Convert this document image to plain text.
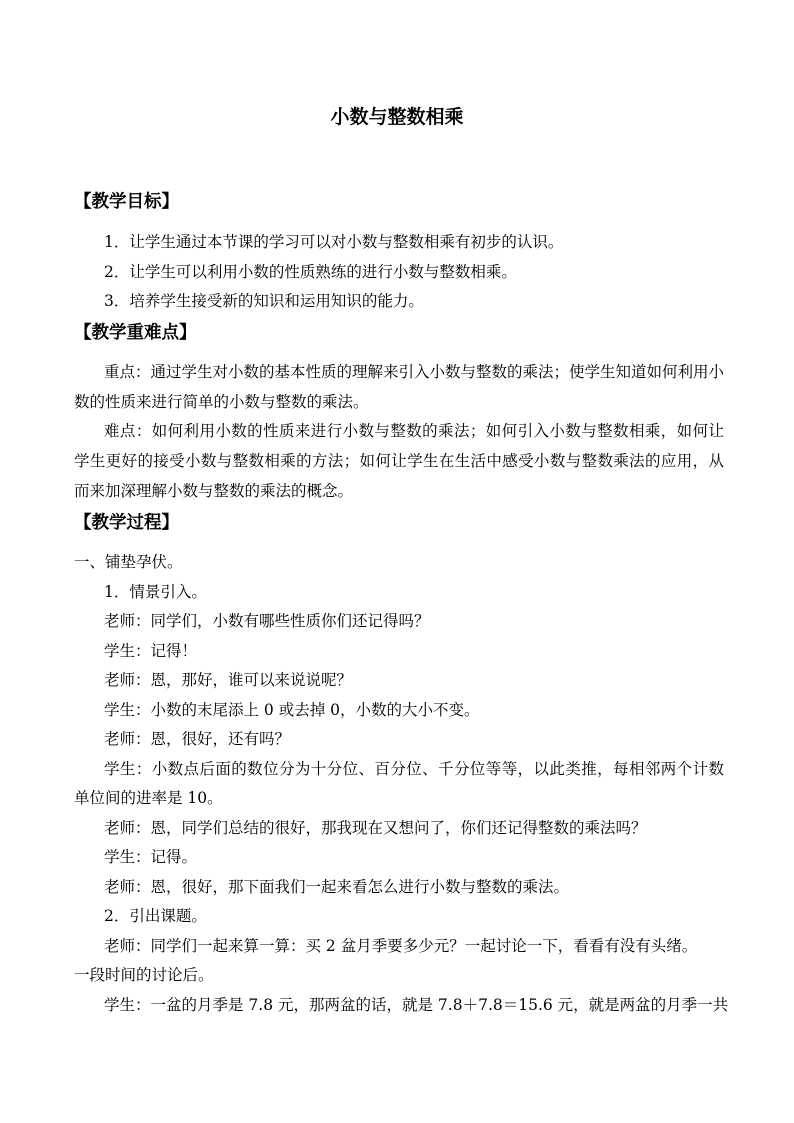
小数与整数相乘
【教学目标】
1．让学生通过本节课的学习可以对小数与整数相乘有初步的认识。
2．让学生可以利用小数的性质熟练的进行小数与整数相乘。
3．培养学生接受新的知识和运用知识的能力。
【教学重难点】
重点：通过学生对小数的基本性质的理解来引入小数与整数的乘法；使学生知道如何利用小
数的性质来进行简单的小数与整数的乘法。
难点：如何利用小数的性质来进行小数与整数的乘法；如何引入小数与整数相乘，如何让
学生更好的接受小数与整数相乘的方法；如何让学生在生活中感受小数与整数乘法的应用，从
而来加深理解小数与整数的乘法的概念。
【教学过程】
一、铺垫孕伏。
1．情景引入。
老师：同学们，小数有哪些性质你们还记得吗？
学生：记得！
老师：恩，那好，谁可以来说说呢？
学生：小数的末尾添上 0 或去掉 0，小数的大小不变。
老师：恩，很好，还有吗？
学生：小数点后面的数位分为十分位、百分位、千分位等等，以此类推，每相邻两个计数
单位间的进率是 10。
老师：恩，同学们总结的很好，那我现在又想问了，你们还记得整数的乘法吗？
学生：记得。
老师：恩，很好，那下面我们一起来看怎么进行小数与整数的乘法。
2．引出课题。
老师：同学们一起来算一算：买 2 盆月季要多少元？一起讨论一下，看看有没有头绪。
一段时间的讨论后。
学生：一盆的月季是 7.8 元，那两盆的话，就是 7.8＋7.8＝15.6 元，就是两盆的月季一共
